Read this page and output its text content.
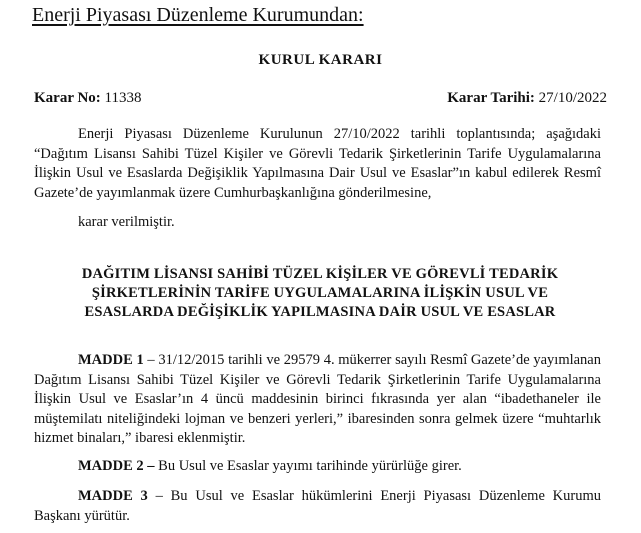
Enerji Piyasası Düzenleme Kurumundan:
KURUL KARARI
Karar No: 11338	Karar Tarihi: 27/10/2022
Enerji Piyasası Düzenleme Kurulunun 27/10/2022 tarihli toplantısında; aşağıdaki “Dağıtım Lisansı Sahibi Tüzel Kişiler ve Görevli Tedarik Şirketlerinin Tarife Uygulamalarına İlişkin Usul ve Esaslarda Değişiklik Yapılmasına Dair Usul ve Esaslar”ın kabul edilerek Resmî Gazete’de yayımlanmak üzere Cumhurbaşkanlığına gönderilmesine,
karar verilmiştir.
DAĞITIM LİSANSI SAHİBİ TÜZEL KİŞİLER VE GÖREVLİ TEDARİK ŞİRKETLERİNİN TARİFE UYGULAMALARINA İLİŞKİN USUL VE ESASLARDA DEĞİŞİKLİK YAPILMASINA DAİR USUL VE ESASLAR
MADDE 1 – 31/12/2015 tarihli ve 29579 4. mükerrer sayılı Resmî Gazete’de yayımlanan Dağıtım Lisansı Sahibi Tüzel Kişiler ve Görevli Tedarik Şirketlerinin Tarife Uygulamalarına İlişkin Usul ve Esaslar’ın 4 üncü maddesinin birinci fıkrasında yer alan “ibadethaneler ile müştemilatı niteliğindeki lojman ve benzeri yerleri,” ibaresinden sonra gelmek üzere “muhtarlık hizmet binaları,” ibaresi eklenmiştir.
MADDE 2 – Bu Usul ve Esaslar yayımı tarihinde yürürlüğe girer.
MADDE 3 – Bu Usul ve Esaslar hükümlerini Enerji Piyasası Düzenleme Kurumu Başkanı yürütür.
